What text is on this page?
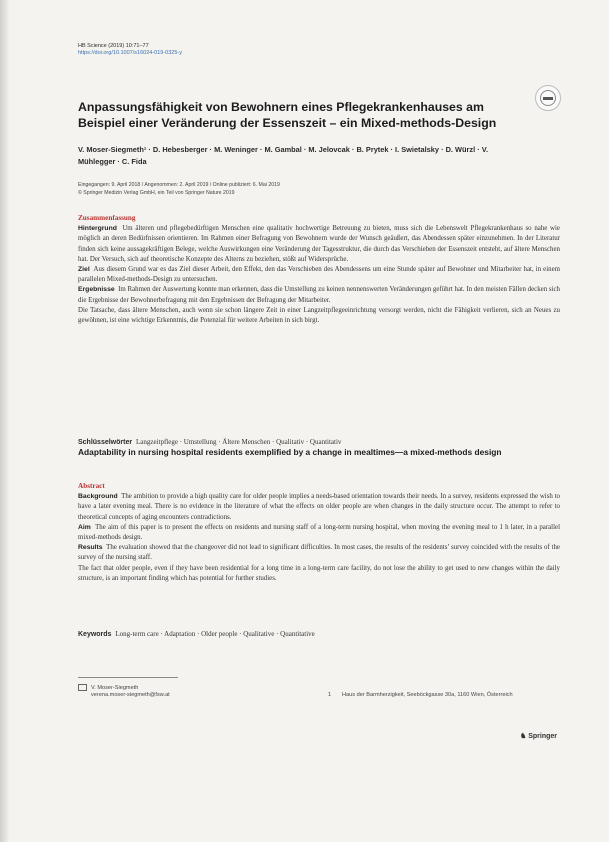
HB Science (2019) 10:71–77
https://doi.org/10.1007/s16024-019-0325-y
Anpassungsfähigkeit von Bewohnern eines Pflegekrankenhauses am Beispiel einer Veränderung der Essenszeit – ein Mixed-methods-Design
V. Moser-Siegmeth¹ · D. Hebesberger · M. Weninger · M. Gambal · M. Jelovcak · B. Prytek · I. Swietalsky · D. Würzl · V. Mühlegger · C. Fida
Eingegangen: 9. April 2018 / Angenommen: 2. April 2019 / Online publiziert: 6. Mai 2019
© Springer Medizin Verlag GmbH, ein Teil von Springer Nature 2019
Zusammenfassung

Hintergrund Um älteren und pflegebedürftigen Menschen eine qualitativ hochwertige Betreuung zu bieten, muss sich die Lebenswelt Pflegekrankenhaus so nahe wie möglich an deren Bedürfnissen orientieren. Im Rahmen einer Befragung von Bewohnern wurde der Wunsch geäußert, das Abendessen später einzunehmen. In der Literatur finden sich keine aussagekräftigen Belege, welche Auswirkungen eine Veränderung der Tagesstruktur, die durch das Verschieben der Essenszeit entsteht, auf ältere Menschen hat. Der Versuch, sich auf theoretische Konzepte des Alterns zu beziehen, stößt auf Widersprüche.

Ziel Aus diesem Grund war es das Ziel dieser Arbeit, den Effekt, den das Verschieben des Abendessens um eine Stunde später auf Bewohner und Mitarbeiter hat, in einem parallelen Mixed-methods-Design zu untersuchen.

Ergebnisse Im Rahmen der Auswertung konnte man erkennen, dass die Umstellung zu keinen nennenswerten Veränderungen geführt hat. In den meisten Fällen decken sich die Ergebnisse der Bewohnerbefragung mit den Ergebnissen der Befragung der Mitarbeiter.

Die Tatsache, dass ältere Menschen, auch wenn sie schon längere Zeit in einer Langzeitpflegeeinrichtung versorgt werden, nicht die Fähigkeit verlieren, sich an Neues zu gewöhnen, ist eine wichtige Erkenntnis, die Potenzial für weitere Arbeiten in sich birgt.

Schlüsselwörter Langzeitpflege · Umstellung · Ältere Menschen · Qualitativ · Quantitativ
Adaptability in nursing hospital residents exemplified by a change in mealtimes—a mixed-methods design
Abstract

Background The ambition to provide a high quality care for older people implies a needs-based orientation towards their needs. In a survey, residents expressed the wish to have a later evening meal. There is no evidence in the literature of what the effects on older people are when changes in the daily structure occur. The attempt to refer to theoretical concepts of aging encounters contradictions.

Aim The aim of this paper is to present the effects on residents and nursing staff of a long-term nursing hospital, when moving the evening meal to 1 h later, in a parallel mixed-methods design.

Results The evaluation showed that the changeover did not lead to significant difficulties. In most cases, the results of the residents’ survey coincided with the results of the survey of the nursing staff.

The fact that older people, even if they have been residential for a long time in a long-term care facility, do not lose the ability to get used to new changes within the daily structure, is an important finding which has potential for further studies.

Keywords Long-term care · Adaptation · Older people · Qualitative · Quantitative
V. Moser-Siegmeth
verena.moser-siegmeth@fsw.at	1 Haus der Barmherzigkeit, Seeböckgasse 30a, 1160 Wien, Österreich
♞ Springer
